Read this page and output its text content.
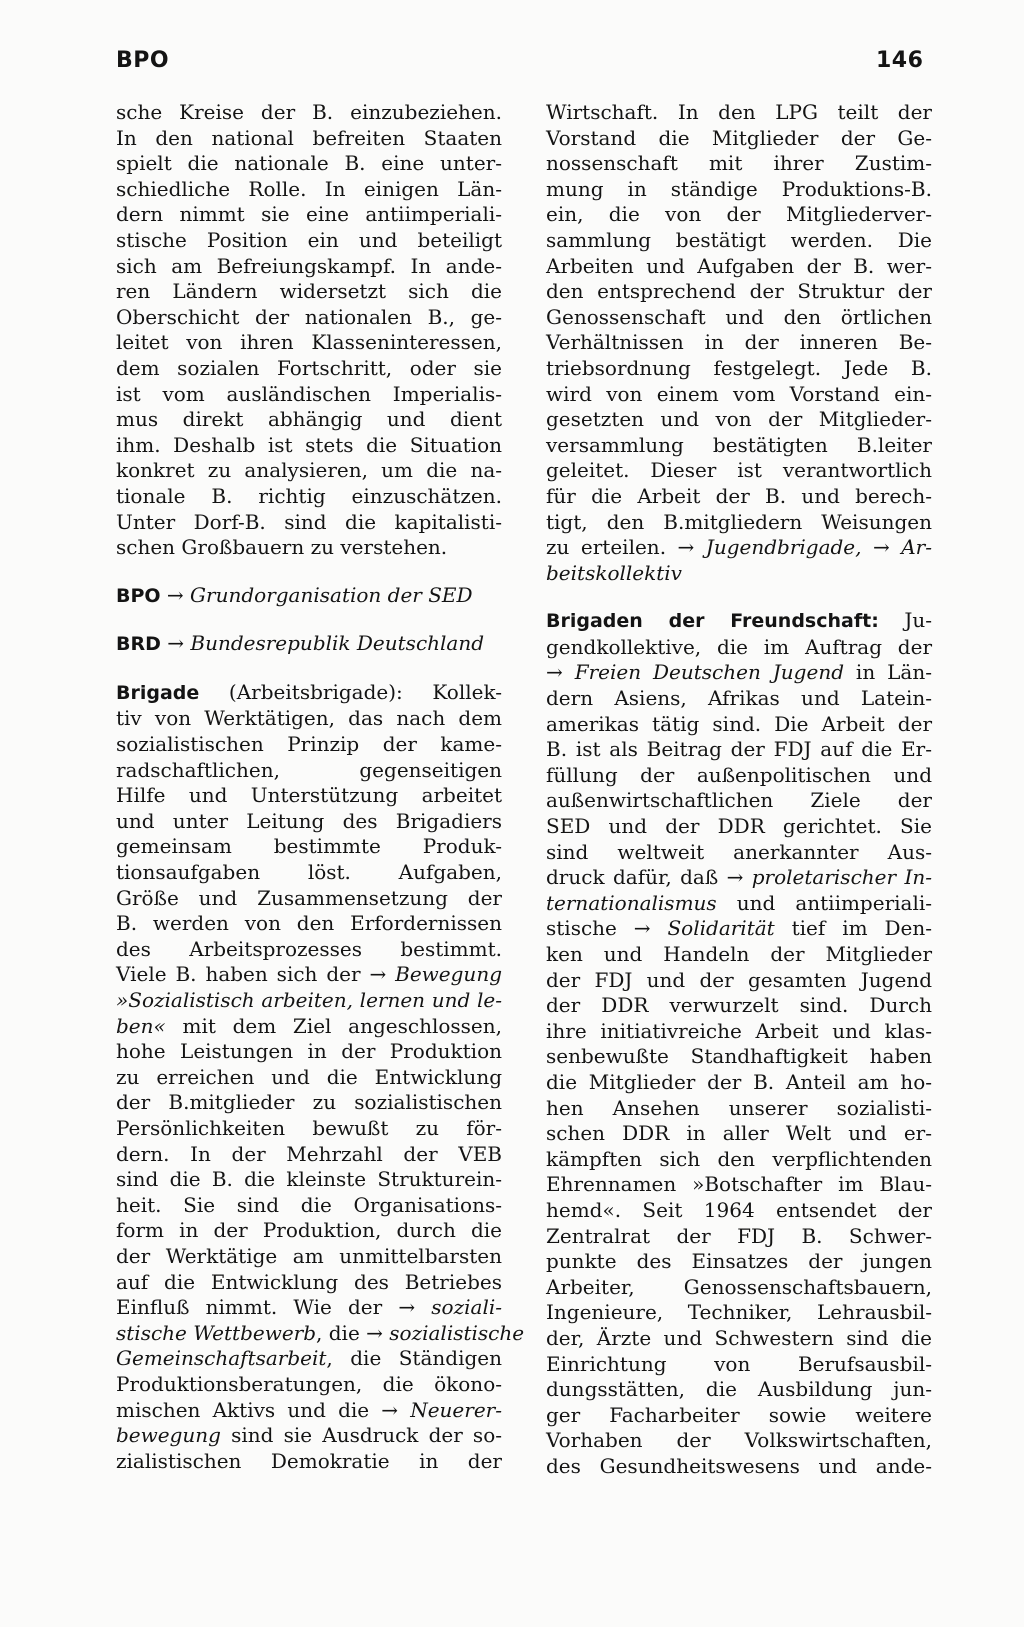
BPO	146

sche Kreise der B. einzubeziehen.
In den national befreiten Staaten
spielt die nationale B. eine unter-
schiedliche Rolle. In einigen Län-
dern nimmt sie eine antiimperiali-
stische Position ein und beteiligt
sich am Befreiungskampf. In ande-
ren Ländern widersetzt sich die
Oberschicht der nationalen B., ge-
leitet von ihren Klasseninteressen,
dem sozialen Fortschritt, oder sie
ist vom ausländischen Imperialis-
mus direkt abhängig und dient
ihm. Deshalb ist stets die Situation
konkret zu analysieren, um die na-
tionale B. richtig einzuschätzen.
Unter Dorf-B. sind die kapitalisti-
schen Großbauern zu verstehen.

BPO → Grundorganisation der SED

BRD → Bundesrepublik Deutschland

Brigade (Arbeitsbrigade): Kollek-
tiv von Werktätigen, das nach dem
sozialistischen Prinzip der kame-
radschaftlichen, gegenseitigen
Hilfe und Unterstützung arbeitet
und unter Leitung des Brigadiers
gemeinsam bestimmte Produk-
tionsaufgaben löst. Aufgaben,
Größe und Zusammensetzung der
B. werden von den Erfordernissen
des Arbeitsprozesses bestimmt.
Viele B. haben sich der → Bewegung
»Sozialistisch arbeiten, lernen und le-
ben« mit dem Ziel angeschlossen,
hohe Leistungen in der Produktion
zu erreichen und die Entwicklung
der B.mitglieder zu sozialistischen
Persönlichkeiten bewußt zu för-
dern. In der Mehrzahl der VEB
sind die B. die kleinste Strukturein-
heit. Sie sind die Organisations-
form in der Produktion, durch die
der Werktätige am unmittelbarsten
auf die Entwicklung des Betriebes
Einfluß nimmt. Wie der → soziali-
stische Wettbewerb, die → sozialistische
Gemeinschaftsarbeit, die Ständigen
Produktionsberatungen, die ökono-
mischen Aktivs und die → Neuerer-
bewegung sind sie Ausdruck der so-
zialistischen Demokratie in der

Wirtschaft. In den LPG teilt der
Vorstand die Mitglieder der Ge-
nossenschaft mit ihrer Zustim-
mung in ständige Produktions-B.
ein, die von der Mitgliederver-
sammlung bestätigt werden. Die
Arbeiten und Aufgaben der B. wer-
den entsprechend der Struktur der
Genossenschaft und den örtlichen
Verhältnissen in der inneren Be-
triebsordnung festgelegt. Jede B.
wird von einem vom Vorstand ein-
gesetzten und von der Mitglieder-
versammlung bestätigten B.leiter
geleitet. Dieser ist verantwortlich
für die Arbeit der B. und berech-
tigt, den B.mitgliedern Weisungen
zu erteilen. → Jugendbrigade, → Ar-
beitskollektiv

Brigaden der Freundschaft: Ju-
gendkollektive, die im Auftrag der
→ Freien Deutschen Jugend in Län-
dern Asiens, Afrikas und Latein-
amerikas tätig sind. Die Arbeit der
B. ist als Beitrag der FDJ auf die Er-
füllung der außenpolitischen und
außenwirtschaftlichen Ziele der
SED und der DDR gerichtet. Sie
sind weltweit anerkannter Aus-
druck dafür, daß → proletarischer In-
ternationalismus und antiimperiali-
stische → Solidarität tief im Den-
ken und Handeln der Mitglieder
der FDJ und der gesamten Jugend
der DDR verwurzelt sind. Durch
ihre initiativreiche Arbeit und klas-
senbewußte Standhaftigkeit haben
die Mitglieder der B. Anteil am ho-
hen Ansehen unserer sozialisti-
schen DDR in aller Welt und er-
kämpften sich den verpflichtenden
Ehrennamen »Botschafter im Blau-
hemd«. Seit 1964 entsendet der
Zentralrat der FDJ B. Schwer-
punkte des Einsatzes der jungen
Arbeiter, Genossenschaftsbauern,
Ingenieure, Techniker, Lehrausbil-
der, Ärzte und Schwestern sind die
Einrichtung von Berufsausbil-
dungsstätten, die Ausbildung jun-
ger Facharbeiter sowie weitere
Vorhaben der Volkswirtschaften,
des Gesundheitswesens und ande-
